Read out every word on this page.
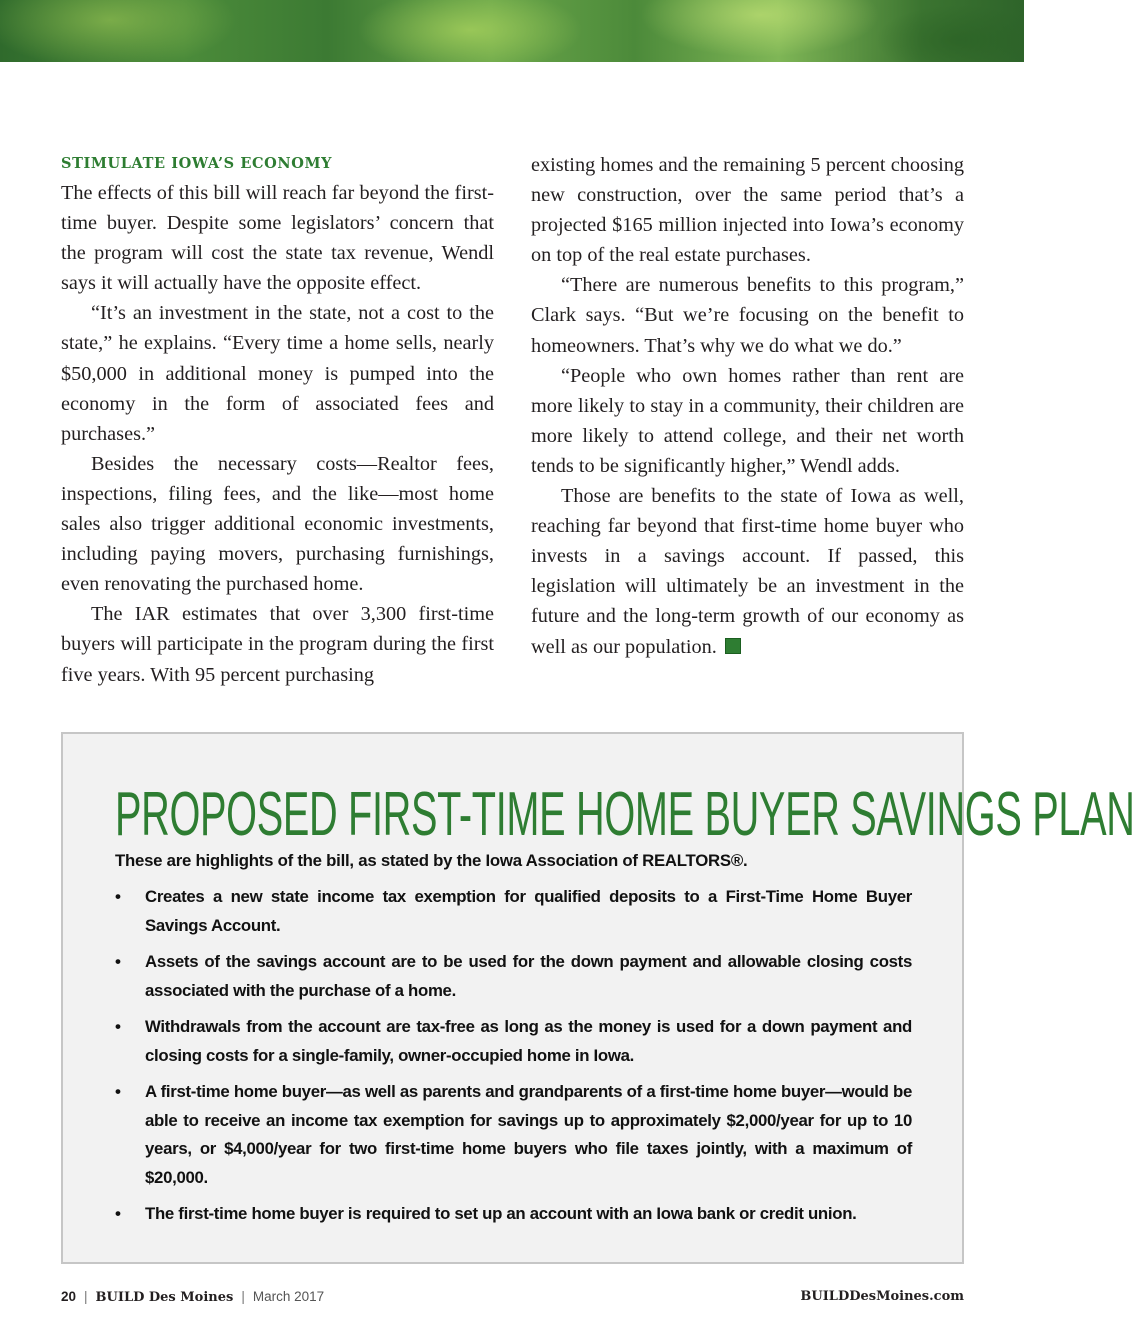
STIMULATE IOWA’S ECONOMY

The effects of this bill will reach far beyond the first-time buyer. Despite some legislators’ concern that the program will cost the state tax revenue, Wendl says it will actually have the opposite effect.

“It’s an investment in the state, not a cost to the state,” he explains. “Every time a home sells, nearly $50,000 in additional money is pumped into the economy in the form of associated fees and purchases.”

Besides the necessary costs—Realtor fees, inspections, filing fees, and the like—most home sales also trigger additional economic investments, including paying movers, purchasing furnishings, even renovating the purchased home.

The IAR estimates that over 3,300 first-time buyers will participate in the program during the first five years. With 95 percent purchasing

existing homes and the remaining 5 percent choosing new construction, over the same period that’s a projected $165 million injected into Iowa’s economy on top of the real estate purchases.

“There are numerous benefits to this program,” Clark says. “But we’re focusing on the benefit to homeowners. That’s why we do what we do.”

“People who own homes rather than rent are more likely to stay in a community, their children are more likely to attend college, and their net worth tends to be significantly higher,” Wendl adds.

Those are benefits to the state of Iowa as well, reaching far beyond that first-time home buyer who invests in a savings account. If passed, this legislation will ultimately be an investment in the future and the long-term growth of our economy as well as our population.	B

PROPOSED FIRST-TIME HOME BUYER SAVINGS PLAN

These are highlights of the bill, as stated by the Iowa Association of REALTORS®.

• Creates a new state income tax exemption for qualified deposits to a First-Time Home Buyer Savings Account.
• Assets of the savings account are to be used for the down payment and allowable closing costs associated with the purchase of a home.
• Withdrawals from the account are tax-free as long as the money is used for a down payment and closing costs for a single-family, owner-occupied home in Iowa.
• A first-time home buyer—as well as parents and grandparents of a first-time home buyer—would be able to receive an income tax exemption for savings up to approximately $2,000/year for up to 10 years, or $4,000/year for two first-time home buyers who file taxes jointly, with a maximum of $20,000.
• The first-time home buyer is required to set up an account with an Iowa bank or credit union.
20 | BUILD Des Moines | March 2017	BUILDDesMoines.com
